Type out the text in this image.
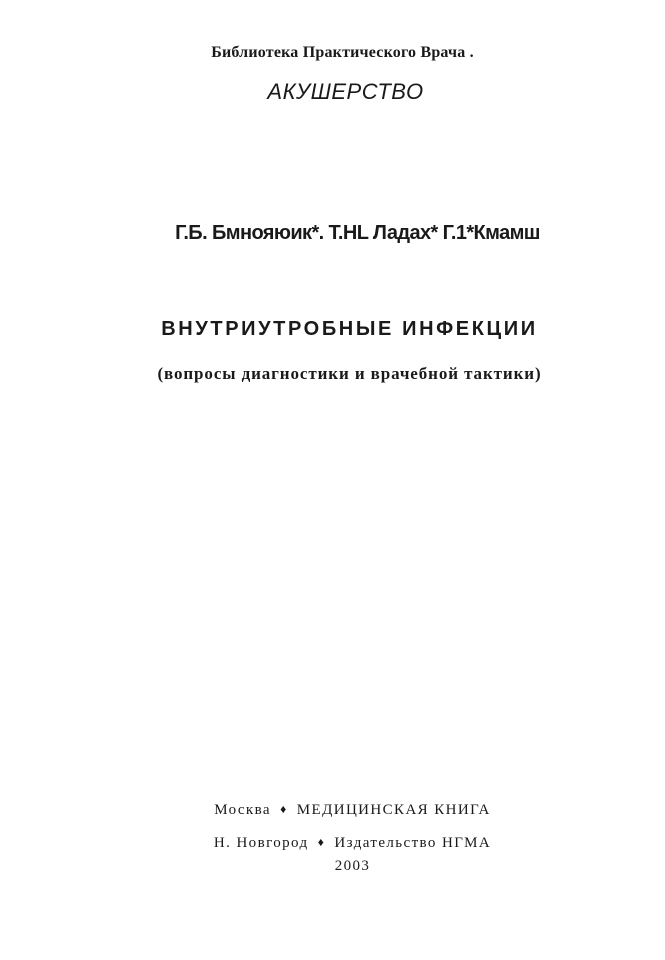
Библиотека Практического Врача .
АКУШЕРСТВО
Г.Б. Бмнояюик*. Т.НL Ладах* Г.1*Кмамш
ВНУТРИУТРОБНЫЕ ИНФЕКЦИИ
(вопросы диагностики и врачебной тактики)
Москва ♦ МЕДИЦИНСКАЯ КНИГА
Н. Новгород ♦ Издательство НГМА
2003
